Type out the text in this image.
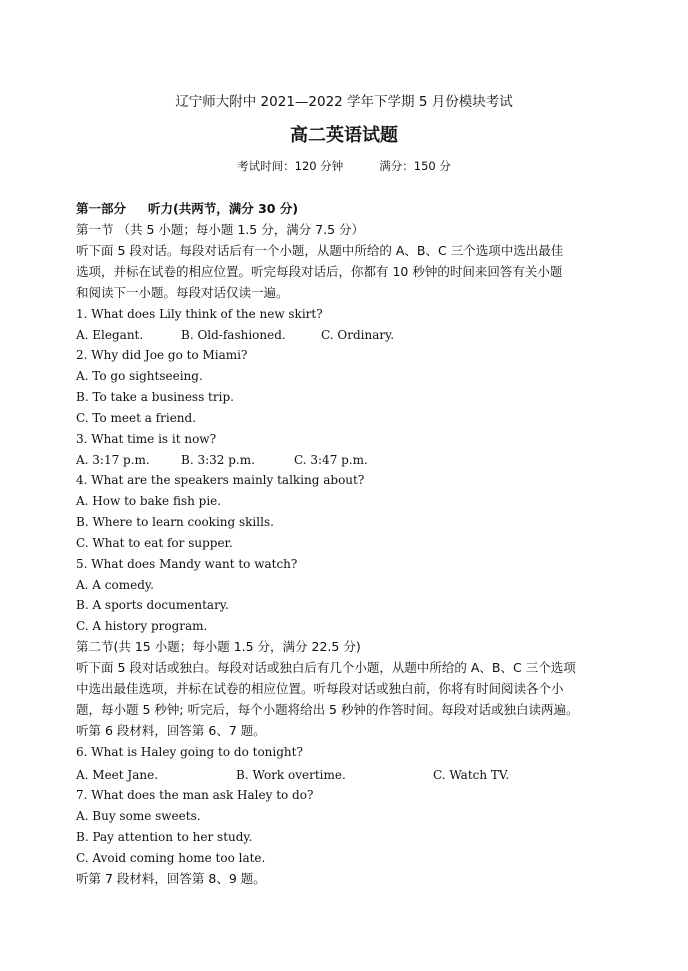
辽宁师大附中 2021—2022 学年下学期 5 月份模块考试
高二英语试题
考试时间：120 分钟	满分：150 分
第一部分 听力(共两节，满分 30 分)
第一节 （共 5 小题；每小题 1.5 分，满分 7.5 分）
听下面 5 段对话。每段对话后有一个小题，从题中所给的 A、B、C 三个选项中选出最佳
选项，并标在试卷的相应位置。听完每段对话后，你都有 10 秒钟的时间来回答有关小题
和阅读下一小题。每段对话仅读一遍。
1. What does Lily think of the new skirt?
A. Elegant.	B. Old-fashioned.	C. Ordinary.
2. Why did Joe go to Miami?
A. To go sightseeing.
B. To take a business trip.
C. To meet a friend.
3. What time is it now?
A. 3:17 p.m.	B. 3:32 p.m.	C. 3:47 p.m.
4. What are the speakers mainly talking about?
A. How to bake fish pie.
B. Where to learn cooking skills.
C. What to eat for supper.
5. What does Mandy want to watch?
A. A comedy.
B. A sports documentary.
C. A history program.
第二节(共 15 小题；每小题 1.5 分，满分 22.5 分)
听下面 5 段对话或独白。每段对话或独白后有几个小题，从题中所给的 A、B、C 三个选项
中选出最佳选项，并标在试卷的相应位置。听每段对话或独白前，你将有时间阅读各个小
题，每小题 5 秒钟; 听完后，每个小题将给出 5 秒钟的作答时间。每段对话或独白读两遍。
听第 6 段材料，回答第 6、7 题。
6. What is Haley going to do tonight?
A. Meet Jane.	B. Work overtime.	C. Watch TV.
7. What does the man ask Haley to do?
A. Buy some sweets.
B. Pay attention to her study.
C. Avoid coming home too late.
听第 7 段材料，回答第 8、9 题。
